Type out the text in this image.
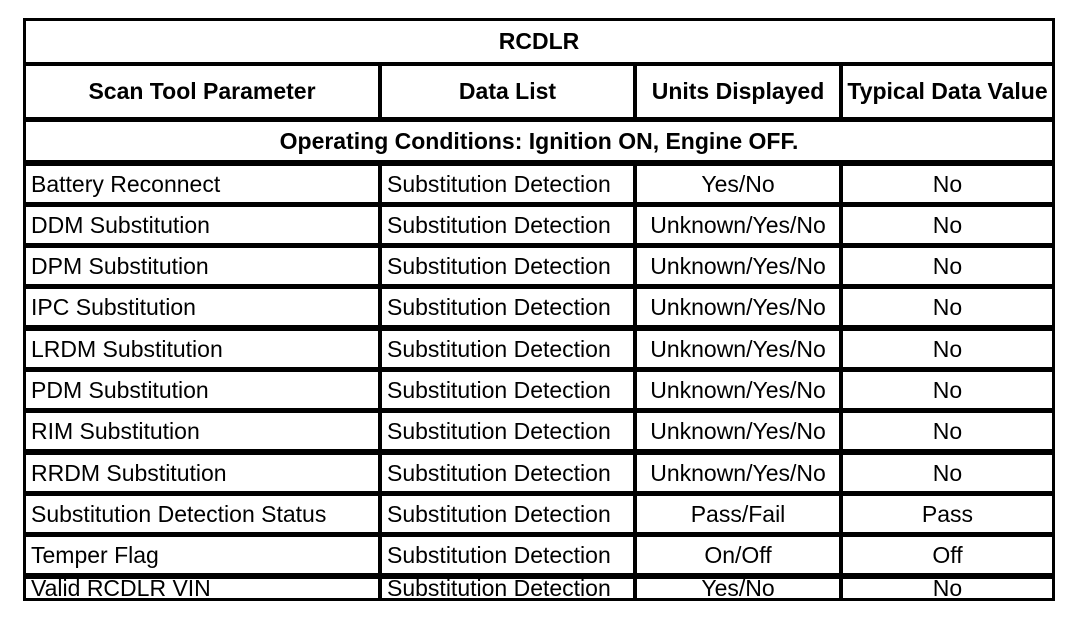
RCDLR
Scan Tool Parameter	Data List	Units Displayed	Typical Data Value
Operating Conditions: Ignition ON, Engine OFF.
Battery Reconnect	Substitution Detection	Yes/No	No
DDM Substitution	Substitution Detection	Unknown/Yes/No	No
DPM Substitution	Substitution Detection	Unknown/Yes/No	No
IPC Substitution	Substitution Detection	Unknown/Yes/No	No
LRDM Substitution	Substitution Detection	Unknown/Yes/No	No
PDM Substitution	Substitution Detection	Unknown/Yes/No	No
RIM Substitution	Substitution Detection	Unknown/Yes/No	No
RRDM Substitution	Substitution Detection	Unknown/Yes/No	No
Substitution Detection Status	Substitution Detection	Pass/Fail	Pass
Temper Flag	Substitution Detection	On/Off	Off
Valid RCDLR VIN	Substitution Detection	Yes/No	No
